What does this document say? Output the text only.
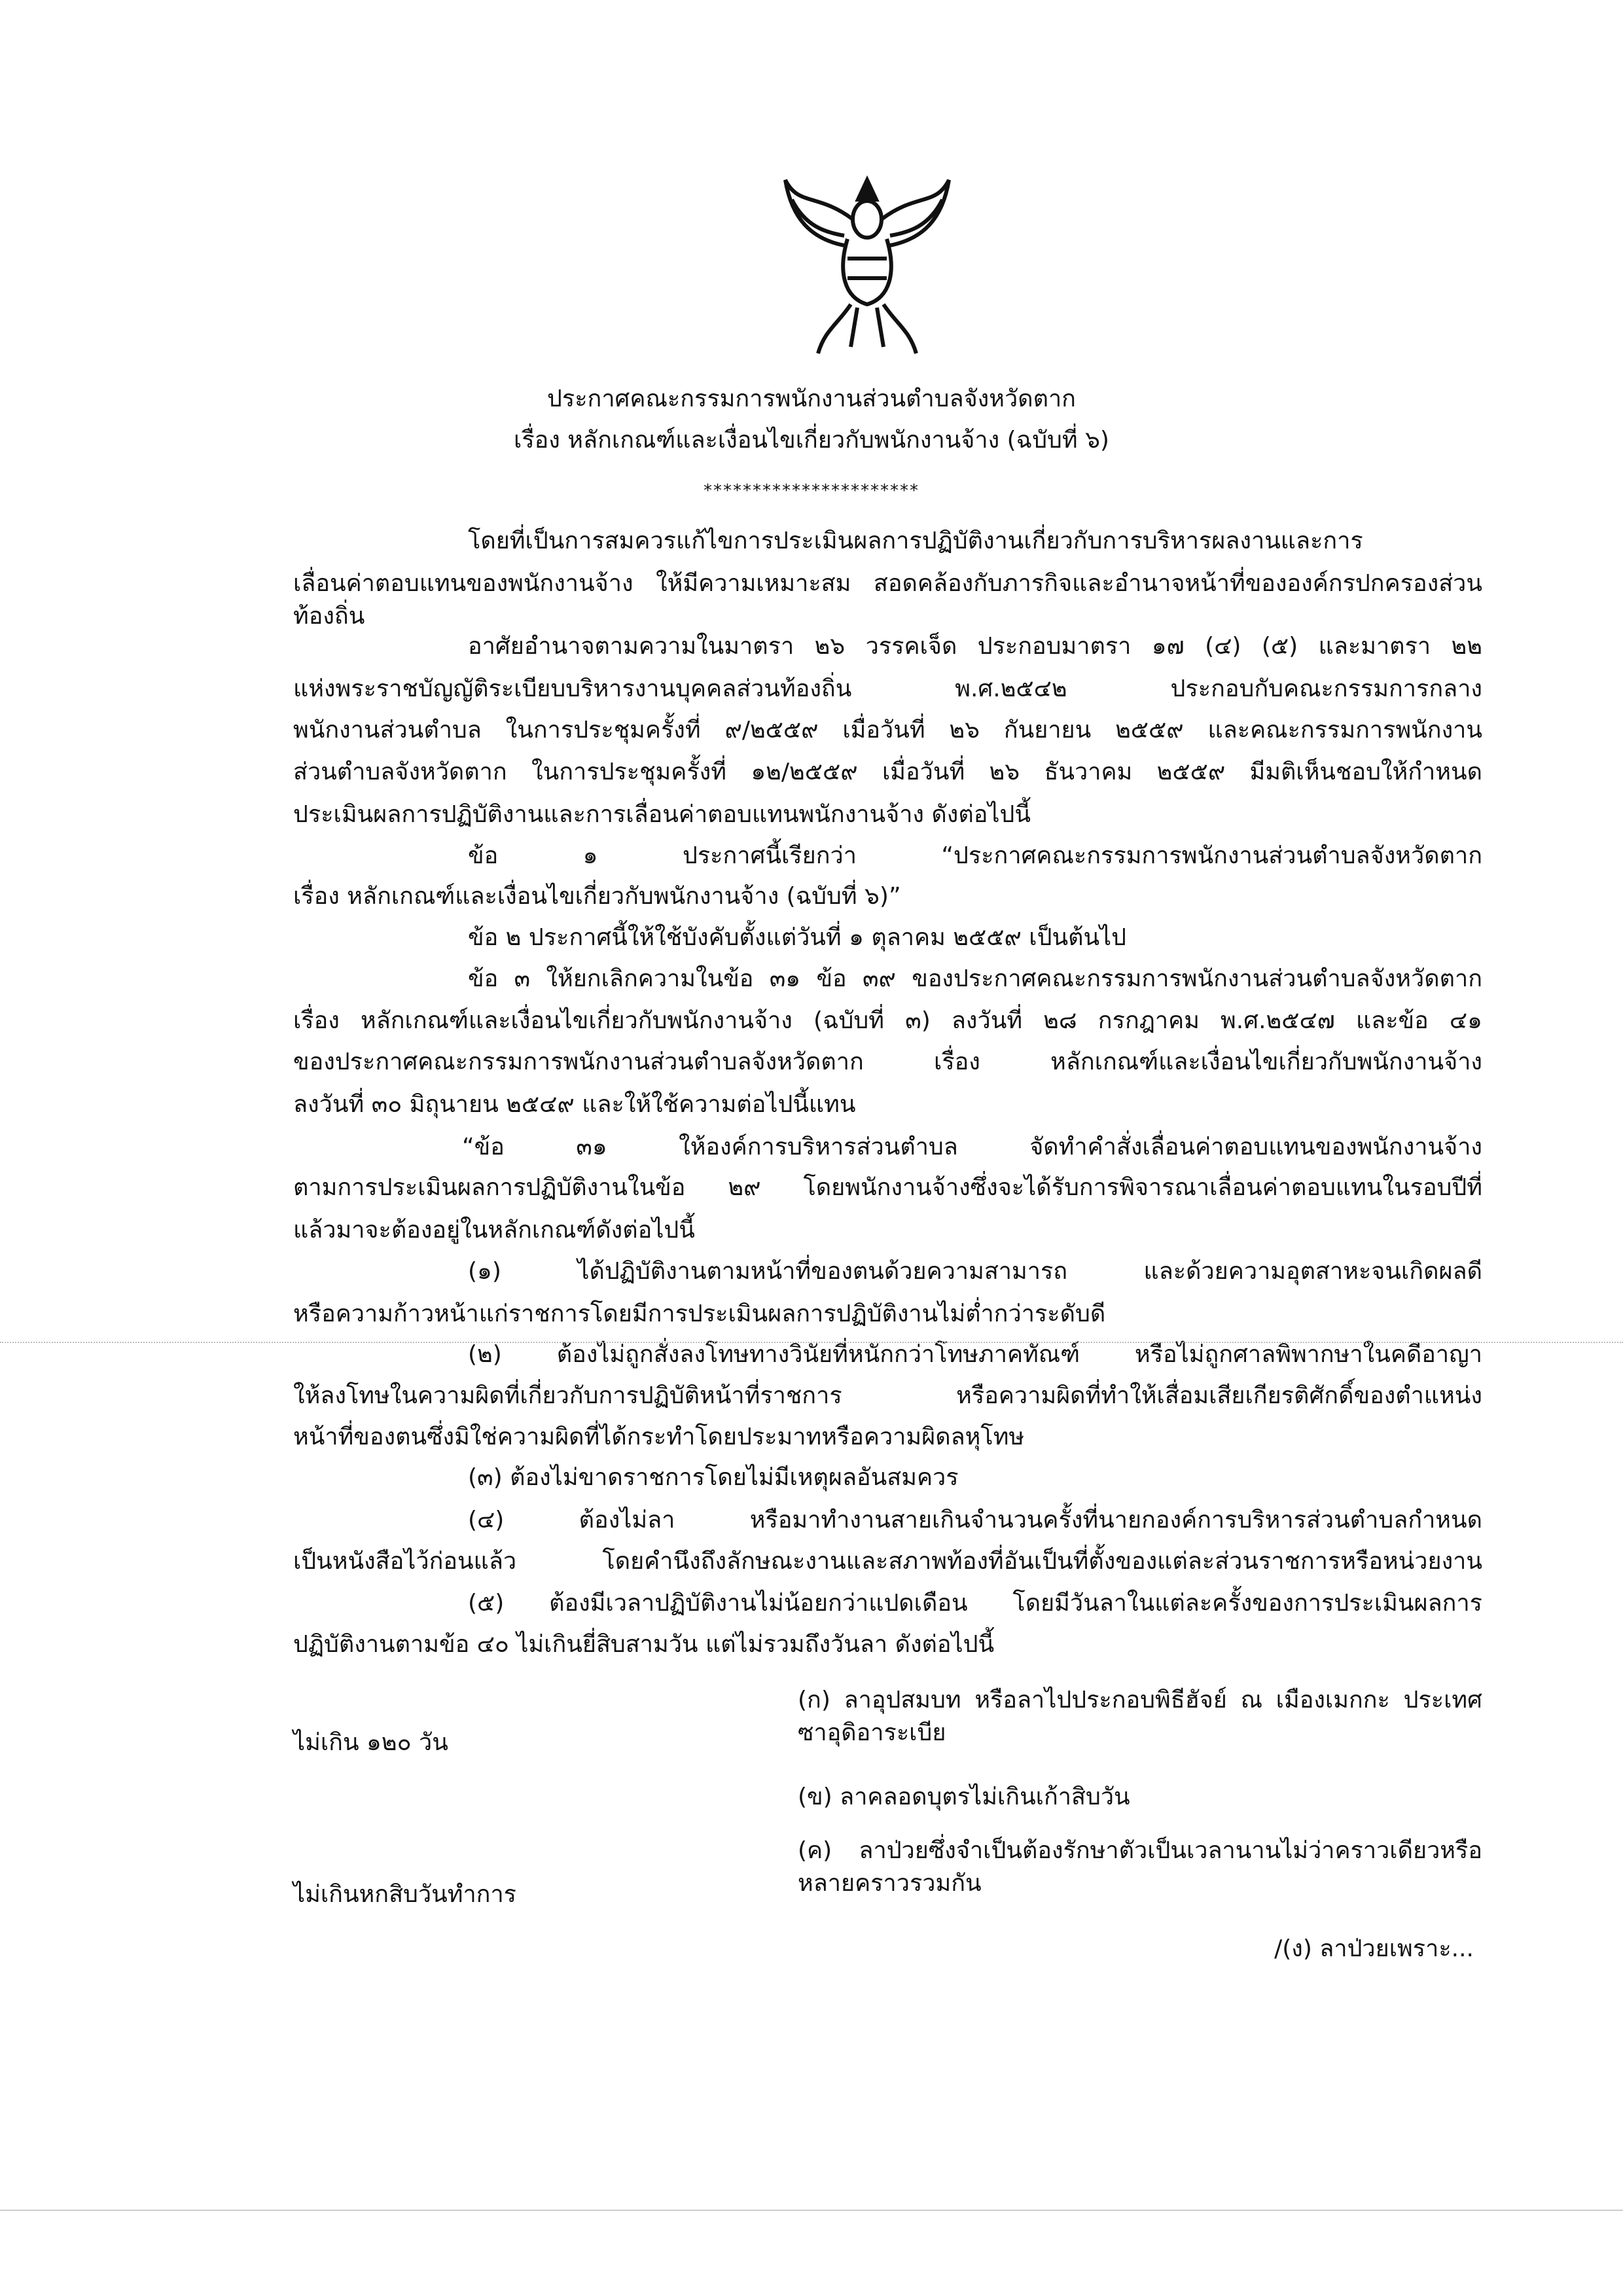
ประกาศคณะกรรมการพนักงานส่วนตำบลจังหวัดตาก
เรื่อง หลักเกณฑ์และเงื่อนไขเกี่ยวกับพนักงานจ้าง (ฉบับที่ ๖)
**********************
โดยที่เป็นการสมควรแก้ไขการประเมินผลการปฏิบัติงานเกี่ยวกับการบริหารผลงานและการ
เลื่อนค่าตอบแทนของพนักงานจ้าง ให้มีความเหมาะสม สอดคล้องกับภารกิจและอำนาจหน้าที่ขององค์กรปกครองส่วนท้องถิ่น
อาศัยอำนาจตามความในมาตรา ๒๖ วรรคเจ็ด ประกอบมาตรา ๑๗ (๔) (๕) และมาตรา ๒๒
แห่งพระราชบัญญัติระเบียบบริหารงานบุคคลส่วนท้องถิ่น พ.ศ.๒๕๔๒ ประกอบกับคณะกรรมการกลาง
พนักงานส่วนตำบล ในการประชุมครั้งที่ ๙/๒๕๕๙ เมื่อวันที่ ๒๖ กันยายน ๒๕๕๙ และคณะกรรมการพนักงาน
ส่วนตำบลจังหวัดตาก ในการประชุมครั้งที่ ๑๒/๒๕๕๙ เมื่อวันที่ ๒๖ ธันวาคม ๒๕๕๙ มีมติเห็นชอบให้กำหนด
ประเมินผลการปฏิบัติงานและการเลื่อนค่าตอบแทนพนักงานจ้าง ดังต่อไปนี้
ข้อ ๑ ประกาศนี้เรียกว่า “ประกาศคณะกรรมการพนักงานส่วนตำบลจังหวัดตาก
เรื่อง หลักเกณฑ์และเงื่อนไขเกี่ยวกับพนักงานจ้าง (ฉบับที่ ๖)”
ข้อ ๒ ประกาศนี้ให้ใช้บังคับตั้งแต่วันที่ ๑ ตุลาคม ๒๕๕๙ เป็นต้นไป
ข้อ ๓ ให้ยกเลิกความในข้อ ๓๑ ข้อ ๓๙ ของประกาศคณะกรรมการพนักงานส่วนตำบลจังหวัดตาก
เรื่อง หลักเกณฑ์และเงื่อนไขเกี่ยวกับพนักงานจ้าง (ฉบับที่ ๓) ลงวันที่ ๒๘ กรกฎาคม พ.ศ.๒๕๔๗ และข้อ ๔๑
ของประกาศคณะกรรมการพนักงานส่วนตำบลจังหวัดตาก เรื่อง หลักเกณฑ์และเงื่อนไขเกี่ยวกับพนักงานจ้าง
ลงวันที่ ๓๐ มิถุนายน ๒๕๔๙ และให้ใช้ความต่อไปนี้แทน
“ข้อ ๓๑ ให้องค์การบริหารส่วนตำบล จัดทำคำสั่งเลื่อนค่าตอบแทนของพนักงานจ้าง
ตามการประเมินผลการปฏิบัติงานในข้อ ๒๙ โดยพนักงานจ้างซึ่งจะได้รับการพิจารณาเลื่อนค่าตอบแทนในรอบปีที่
แล้วมาจะต้องอยู่ในหลักเกณฑ์ดังต่อไปนี้
(๑) ได้ปฏิบัติงานตามหน้าที่ของตนด้วยความสามารถ และด้วยความอุตสาหะจนเกิดผลดี
หรือความก้าวหน้าแก่ราชการโดยมีการประเมินผลการปฏิบัติงานไม่ต่ำกว่าระดับดี
(๒) ต้องไม่ถูกสั่งลงโทษทางวินัยที่หนักกว่าโทษภาคทัณฑ์ หรือไม่ถูกศาลพิพากษาในคดีอาญา
ให้ลงโทษในความผิดที่เกี่ยวกับการปฏิบัติหน้าที่ราชการ หรือความผิดที่ทำให้เสื่อมเสียเกียรติศักดิ์ของตำแหน่ง
หน้าที่ของตนซึ่งมิใช่ความผิดที่ได้กระทำโดยประมาทหรือความผิดลหุโทษ
(๓) ต้องไม่ขาดราชการโดยไม่มีเหตุผลอันสมควร
(๔) ต้องไม่ลา หรือมาทำงานสายเกินจำนวนครั้งที่นายกองค์การบริหารส่วนตำบลกำหนด
เป็นหนังสือไว้ก่อนแล้ว โดยคำนึงถึงลักษณะงานและสภาพท้องที่อันเป็นที่ตั้งของแต่ละส่วนราชการหรือหน่วยงาน
(๕) ต้องมีเวลาปฏิบัติงานไม่น้อยกว่าแปดเดือน โดยมีวันลาในแต่ละครั้งของการประเมินผลการ
ปฏิบัติงานตามข้อ ๔๐ ไม่เกินยี่สิบสามวัน แต่ไม่รวมถึงวันลา ดังต่อไปนี้
(ก) ลาอุปสมบท หรือลาไปประกอบพิธีฮัจย์ ณ เมืองเมกกะ ประเทศซาอุดิอาระเบีย
ไม่เกิน ๑๒๐ วัน
(ข) ลาคลอดบุตรไม่เกินเก้าสิบวัน
(ค) ลาป่วยซึ่งจำเป็นต้องรักษาตัวเป็นเวลานานไม่ว่าคราวเดียวหรือหลายคราวรวมกัน
ไม่เกินหกสิบวันทำการ
/(ง) ลาป่วยเพราะ...
